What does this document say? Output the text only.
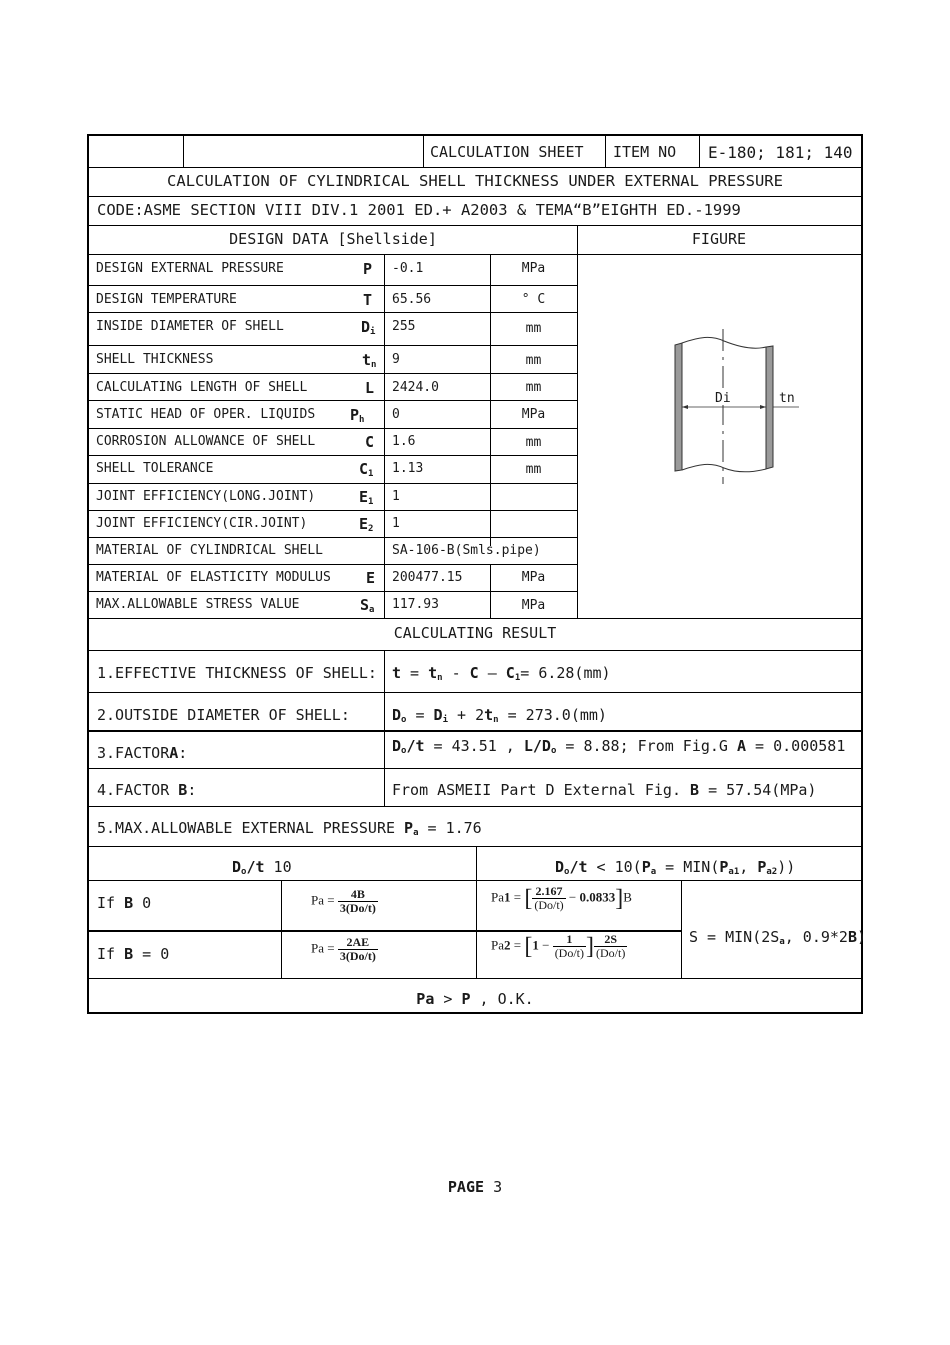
CALCULATION SHEET ITEM NO E-180; 181; 140
CALCULATION OF CYLINDRICAL SHELL THICKNESS UNDER EXTERNAL PRESSURE
CODE:ASME SECTION VIII DIV.1 2001 ED.+ A2003 & TEMA“B”EIGHTH ED.-1999
DESIGN DATA [Shellside]	FIGURE
DESIGN EXTERNAL PRESSURE	P -0.1	MPa
DESIGN TEMPERATURE	T 65.56	° C
INSIDE DIAMETER OF SHELL	$D_i$ 255	mm
SHELL THICKNESS	$t_n$ 9	mm
CALCULATING LENGTH OF SHELL	L 2424.0	mm
STATIC HEAD OF OPER. LIQUIDS $P_h$ 0	MPa
CORROSION ALLOWANCE OF SHELL	C 1.6	mm
SHELL TOLERANCE	$C_1$ 1.13	mm
JOINT EFFICIENCY(LONG.JOINT)	$E_1$ 1
JOINT EFFICIENCY(CIR.JOINT)	$E_2$ 1
MATERIAL OF CYLINDRICAL SHELL	SA-106-B(Smls.pipe)
MATERIAL OF ELASTICITY MODULUS E 200477.15	MPa
MAX.ALLOWABLE STRESS VALUE	$S_a$ 117.93	MPa
Di	tn
CALCULATING RESULT
1.EFFECTIVE THICKNESS OF SHELL: $t = t_n - C - C_1= 6.28(mm)$
2.OUTSIDE DIAMETER OF SHELL:	$D_o = D_i + 2t_n = 273.0(mm)$
3.FACTORA:	$D_o/t = 43.51$ , $L/D_o = 8.88$; From Fig.G A = 0.000581
4.FACTOR B:	From ASMEII Part D External Fig. B = 57.54(MPa)
5.MAX.ALLOWABLE EXTERNAL PRESSURE $P_a = 1.76$
$D_o/t$ 10	$D_o/t < 10(P_a = MIN(P_{a1}$, $P_{a2}$))
If B 0	$Pa = \frac{4B}{3(Do/t)}$	Pa1 = [ $\frac{2.167}{(Do/t)} - 0.0833]B$
If B = 0	$Pa = \frac{2AE}{3(Do/t)}$	$Pa2 = [1 - \frac{1}{(Do/t)}$ ] $\frac{2S}{(Do/t)}$	$S = MIN(2S_a$, 0.9*2B)
Pa > P , O.K.
PAGE 3
